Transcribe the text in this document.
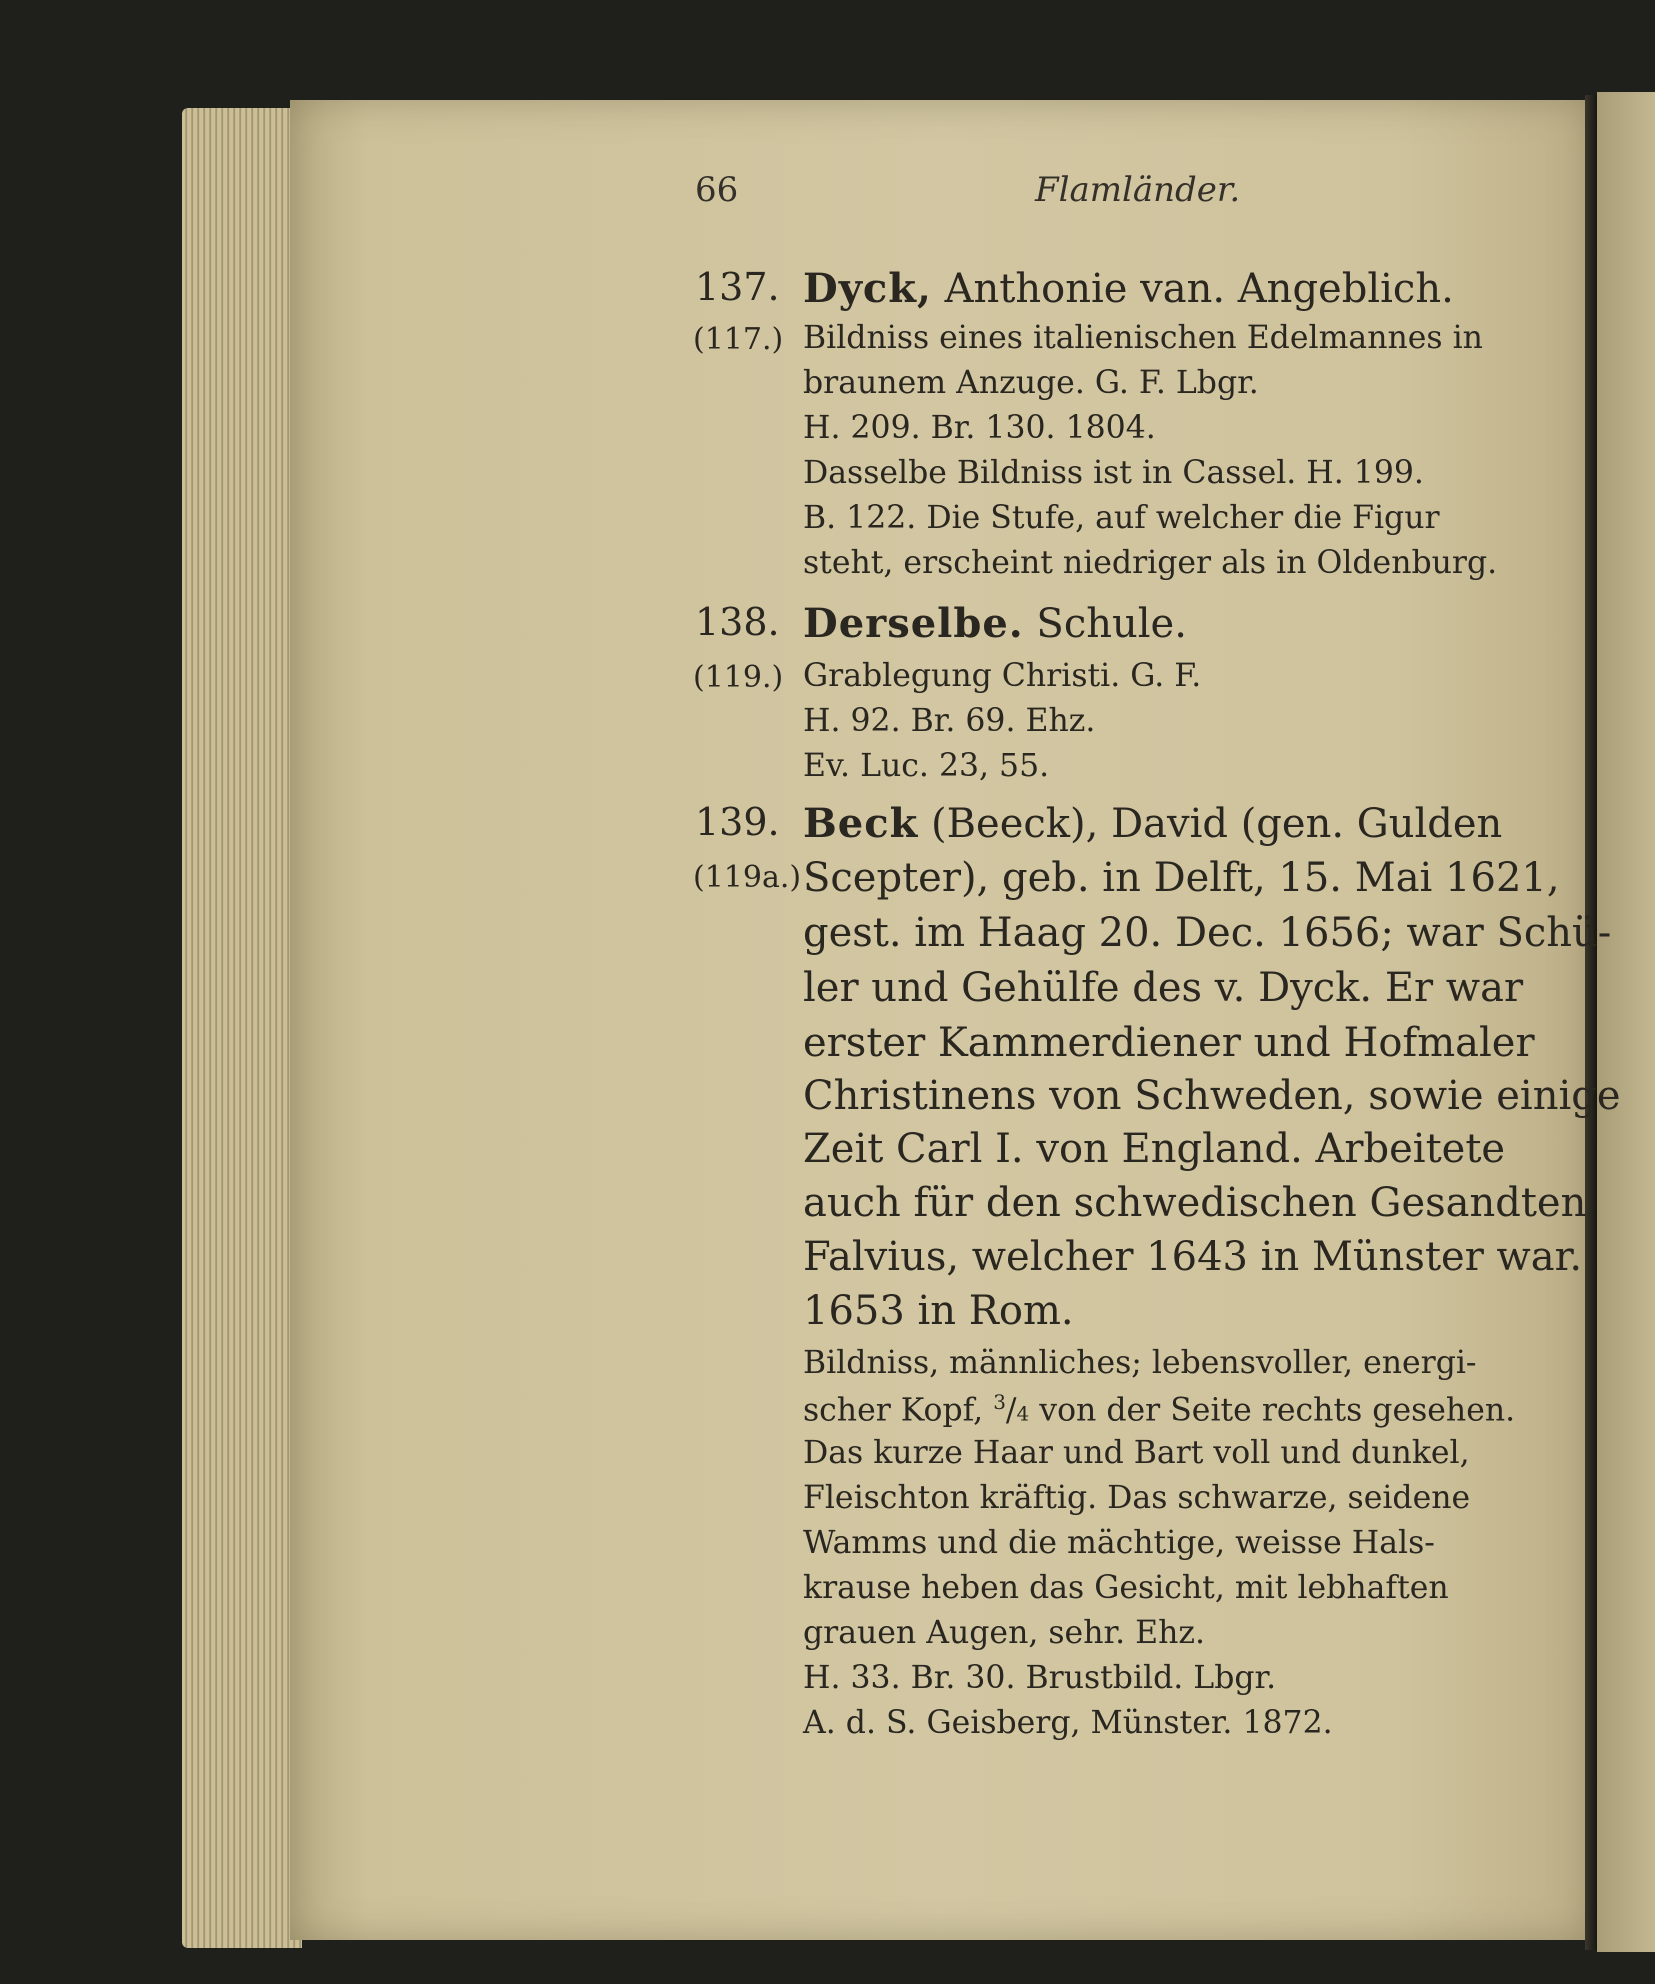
66	Flamländer.
137. Dyck, Anthonie van. Angeblich.
(117.) Bildniss eines italienischen Edelmannes in
braunem Anzuge. G. F. Lbgr.
H. 209. Br. 130. 1804.
Dasselbe Bildniss ist in Cassel. H. 199.
B. 122. Die Stufe, auf welcher die Figur
steht, erscheint niedriger als in Oldenburg.
138. Derselbe. Schule.
(119.) Grablegung Christi. G. F.
H. 92. Br. 69. Ehz.
Ev. Luc. 23, 55.
139. Beck (Beeck), David (gen. Gulden
(119a.) Scepter), geb. in Delft, 15. Mai 1621,
gest. im Haag 20. Dec. 1656; war Schü-
ler und Gehülfe des v. Dyck. Er war
erster Kammerdiener und Hofmaler
Christinens von Schweden, sowie einige
Zeit Carl I. von England. Arbeitete
auch für den schwedischen Gesandten
Falvius, welcher 1643 in Münster war.
1653 in Rom.
Bildniss, männliches; lebensvoller, energi-
scher Kopf, $^3$/4 von der Seite rechts gesehen.
Das kurze Haar und Bart voll und dunkel,
Fleischton kräftig. Das schwarze, seidene
Wamms und die mächtige, weisse Hals-
krause heben das Gesicht, mit lebhaften
grauen Augen, sehr. Ehz.
H. 33. Br. 30. Brustbild. Lbgr.
A. d. S. Geisberg, Münster. 1872.
